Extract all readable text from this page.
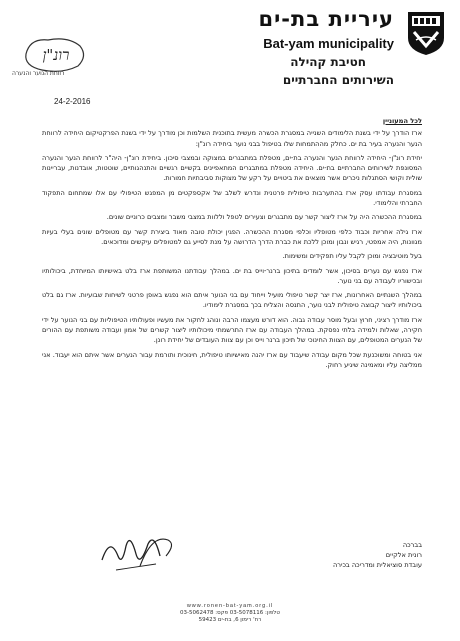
עיריית בת-ים
Bat-yam municipality
חטיבת קהילה
השירותים החברתיים
רונ"ן
רווחת הנוער והנערה
24-2-2016
לכל המעוניין

ארז הודרך על ידי בשנת הלימודים השנייה במסגרת הכשרה מעשית בתוכנית השלמות וכן מודרך על ידי בשנת הפרקטיקום היחידה לרווחת הנער והנערה בעיר בת ים. כחלק מההתמחות שלו בטיפול בבני נוער ביחידה רונ"ן:

יחידת רונ"ן- היחידה לרווחת הנער והנערה בת-ים, מטפלת במתבגרים במצוקה ובמצבי סיכון. ביחידת רונ"ן- היה"ר לרווחת הנער והנערה המסונפת לשירותים החברתיים בת-ים. היחידה מטפלת במתבגרים המתאפיינים בקשיים רגשיים והתנהגותיים, שוטטות, אובדנות, עבריינות שולית וקושי הסתגלות ניכרים אשר מוצאים את ביטויים על רקע של מצוקות סביבתיות חמורות.

במסגרת עבודתו עסק ארז בהתערבות טיפולית פרטנית ונדרש לשלב של אקספקטים מן המפגש הטיפולי עם אלו שמתחום התפקוד החברתי והלימודי.

במסגרת ההכשרה היה על ארז ליצור קשר עם מתבגרים וצעירים לטפל וללוות במצבי משבר ומצבים כרוניים שונים.

ארז גילה אחריות וכבוד כלפי מטופליו וכלפי מסגרת ההכשרה. הפגין יכולת טובה מאוד ביצירת קשר עם מטופלים שונים בעלי בעיות מגוונות, היה אמפטי, רגיש ונבון ומוכן ללכת את כברת הדרך הדרושה על מנת לסייע גם למטופלים עיקשים ומדוכאים.

בעל מוטיבציה ומוכן לקבל עליו תפקידים ומשימות.

ארז נפגש עם נערים בסיכון, אשר לומדים בתיכון ברנר-וייס בת ים. במהלך עבודתנו המשותפת ארז בלט באישיותו המיוחדת, ביכולותיו ובכישוריו לעבודה עם בני נוער.

במהלך השנתיים האחרונות, ארז יצר קשר טיפולי מועיל וייחוד עם בני הנוער איתם הוא נפגש באופן פרטני לשיחות שבועיות. ארז גם בלט ביכולותיו ליצור קבוצה טיפולית לבני נוער, התנסה והצליח בכך במסגרת לימודיו.

ארז מודרך רציני, חרוץ ובעל מוסר עבודה גבוה. הוא דורש מעצמו הרבה ונוהג לחקור את מעשיו ופעולותיו הטיפוליות עם בני הנוער על ידי חקירה, שאלות ולמידה בלתי נפסקת. במהלך העבודה עם ארז התרשמתי מיכולותיו ליצור קשרים של אמון ועבודה משותפת עם ההורים של הנערים המטופלים, עם הצוות החינוכי של תיכון ברנר וייס וכן עם צוות העובדים של יחידת רונן.

אני בטוחה ומשוכנעת שכל מקום עבודה שיעבוד עם ארז יהנה מאישיותו טיפולית, חינוכית ותורמת עבור הנערים אשר איתם הוא יעבוד. אני ממליצה עליו ומאמינה שיגיע רחוק.

בברכה
רונית אלקיים
עובדת סוציאלית ומדריכה בכירה
www.ronen-bat-yam.org.il
טלפון: 03-5078116 פקס: 03-5062478
רח' רימון 6, בת-ים 59423
